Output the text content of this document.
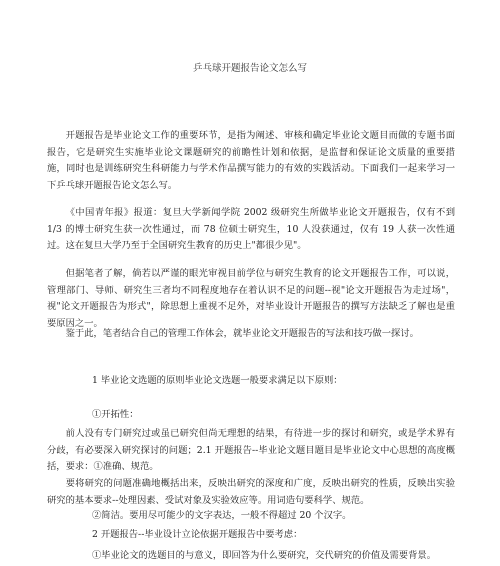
乒乓球开题报告论文怎么写
开题报告是毕业论文工作的重要环节，是指为阐述、审核和确定毕业论文题目而做的专题书面报告，它是研究生实施毕业论文课题研究的前瞻性计划和依据，是监督和保证论文质量的重要措施，同时也是训练研究生科研能力与学术作品撰写能力的有效的实践活动。下面我们一起来学习一下乒乓球开题报告论文怎么写。
《中国青年报》报道：复旦大学新闻学院 2002 级研究生所做毕业论文开题报告，仅有不到 1/3 的博士研究生获一次性通过，而 78 位硕士研究生，10 人没获通过，仅有 19 人获一次性通过。这在复旦大学乃至于全国研究生教育的历史上"都很少见"。
但据笔者了解，倘若以严谨的眼光审视目前学位与研究生教育的论文开题报告工作，可以说，管理部门、导师、研究生三者均不同程度地存在着认识不足的问题--视"论文开题报告为走过场"，视"论文开题报告为形式"，除思想上重视不足外，对毕业设计开题报告的撰写方法缺乏了解也是重要原因之一。
鉴于此，笔者结合自己的管理工作体会，就毕业论文开题报告的写法和技巧做一探讨。
1 毕业论文选题的原则毕业论文选题一般要求满足以下原则：
①开拓性：
前人没有专门研究过或虽已研究但尚无理想的结果，有待进一步的探讨和研究，或是学术界有分歧，有必要深入研究探讨的问题；2.1 开题报告--毕业论文题目题目是毕业论文中心思想的高度概括，要求：①准确、规范。
要将研究的问题准确地概括出来，反映出研究的深度和广度，反映出研究的性质，反映出实验研究的基本要求--处理因素、受试对象及实验效应等。用词造句要科学、规范。
②简洁。要用尽可能少的文字表达，一般不得超过 20 个汉字。
2 开题报告--毕业设计立论依据开题报告中要考虑：
①毕业论文的选题目的与意义，即回答为什么要研究，交代研究的价值及需要背景。
